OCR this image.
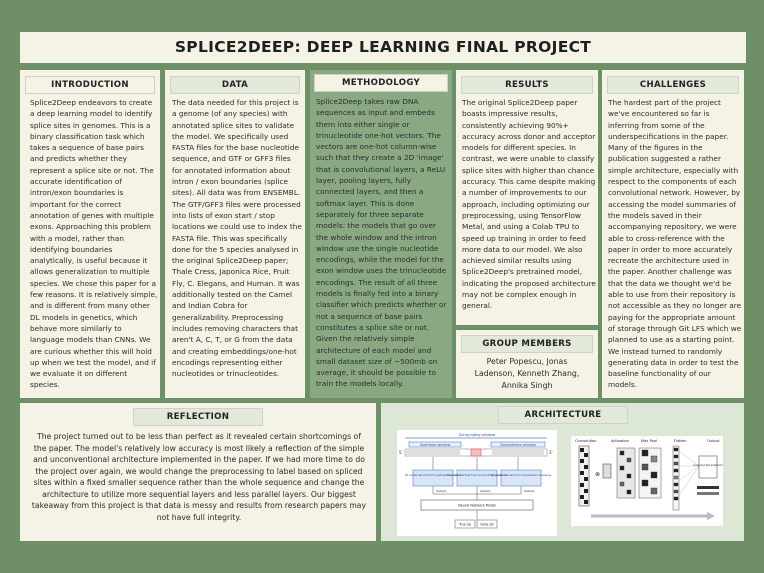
SPLICE2DEEP: DEEP LEARNING FINAL PROJECT
INTRODUCTION

Splice2Deep endeavors to create a deep learning model to identify splice sites in genomes. This is a binary classification task which takes a sequence of base pairs and predicts whether they represent a splice site or not. The accurate identification of intron/exon boundaries is important for the correct annotation of genes with multiple exons. Approaching this problem with a model, rather than identifying boundaries analytically, is useful because it allows generalization to multiple species. We chose this paper for a few reasons. It is relatively simple, and is different from many other DL models in genetics, which behave more similarly to language models than CNNs. We are curious whether this will hold up when we test the model, and if we evaluate it on different species.

DATA

The data needed for this project is a genome (of any species) with annotated splice sites to validate the model. We specifically used FASTA files for the base nucleotide sequence, and GTF or GFF3 files for annotated information about intron / exon boundaries (splice sites). All data was from ENSEMBL. The GTF/GFF3 files were processed into lists of exon start / stop locations we could use to index the FASTA file. This was specifically done for the 5 species analysed in the original Splice2Deep paper; Thale Cress, Japonica Rice, Fruit Fly, C. Elegans, and Human. It was additionally tested on the Camel and Indian Cobra for generalizability. Preprocessing includes removing characters that aren't A, C, T, or G from the data and creating embeddings/one-hot encodings representing either nucleotides or trinucleotides.

METHODOLOGY

Splice2Deep takes raw DNA sequences as input and embeds them into either single or trinucleotide one-hot vectors. The vectors are one-hot column-wise such that they create a 2D 'image' that is convolutional layers, a ReLU layer, pooling layers, fully connected layers, and then a softmax layer. This is done separately for three separate models: the models that go over the whole window and the intron window use the single nucleotide encodings, while the model for the exon window uses the trinucleotide encodings. The result of all three models is finally fed into a binary classifier which predicts whether or not a sequence of base pairs constitutes a splice site or not. Given the relatively simple architecture of each model and small dataset size of ~500mb on average, it should be possible to train the models locally.

RESULTS

The original Splice2Deep paper boasts impressive results, consistently achieving 90%+ accuracy across donor and acceptor models for different species. In contrast, we were unable to classify splice sites with higher than chance accuracy. This came despite making a number of improvements to our approach, including optimizing our preprocessing, using TensorFlow Metal, and using a Colab TPU to speed up training in order to feed more data to our model. We also achieved similar results using Splice2Deep's pretrained model, indicating the proposed architecture may not be complex enough in general.

GROUP MEMBERS

Peter Popescu, Jonas Ladenson, Kenneth Zhang, Annika Singh

CHALLENGES

The hardest part of the project we've encountered so far is inferring from some of the underspecifications in the paper. Many of the figures in the publication suggested a rather simple architecture, especially with respect to the components of each convolutional network. However, by accessing the model summaries of the models saved in their accompanying repository, we were able to cross-reference with the paper in order to more accurately recreate the architecture used in the paper. Another challenge was that the data we thought we'd be able to use from their repository is not accessible as they no longer are paying for the appropriate amount of storage through Git LFS which we planned to use as a starting point. We instead turned to randomly generating data in order to test the baseline functionality of our models.

REFLECTION

The project turned out to be less than perfect as it revealed certain shortcomings of the paper. The model's relatively low accuracy is most likely a reflection of the simple and unconventional architecture implemented in the paper. If we had more time to do the project over again, we would change the preprocessing to label based on spliced sites within a fixed smaller sequence rather than the whole sequence and change the architecture to utilize more sequential layers and less parallel layers. Our biggest takeaway from this project is that data is messy and results from research papers may not have full integrity.

ARCHITECTURE
Surrounding window
Upstream window	Downstream window
5'	3'
DL model derived from upstream sequence
DL model derived from surrounding sequence
DL model derived from downstream sequence
Output	Output	Output
Neural Network Model
True SS	False SS
Convolution	Activation	Max Pool	Flatten	Output
⊗
Connected Neural Network
